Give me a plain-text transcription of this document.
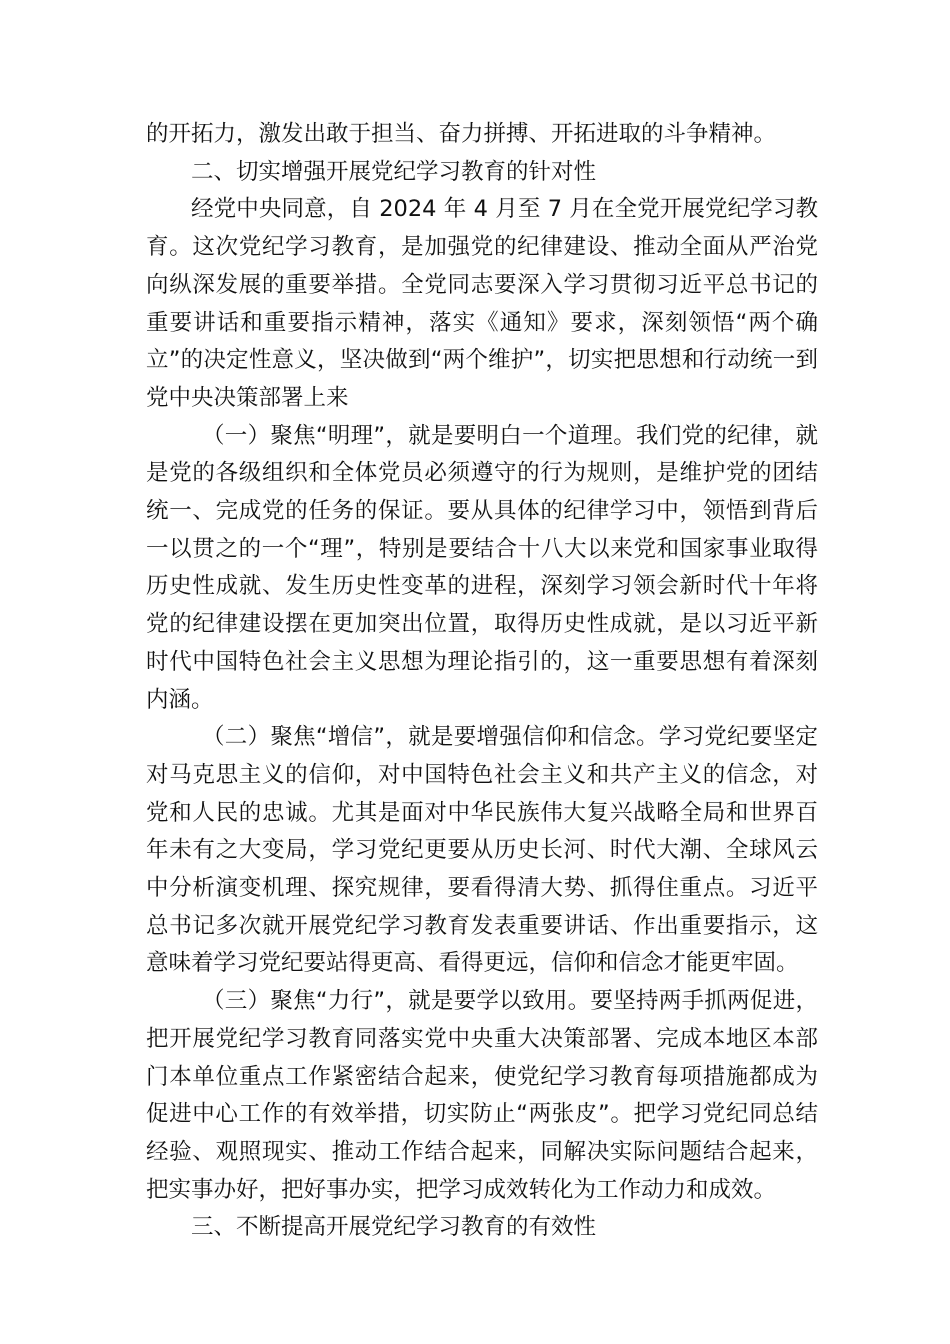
的开拓力，激发出敢于担当、奋力拼搏、开拓进取的斗争精神。

二、切实增强开展党纪学习教育的针对性

经党中央同意，自 2024 年 4 月至 7 月在全党开展党纪学习教育。这次党纪学习教育，是加强党的纪律建设、推动全面从严治党向纵深发展的重要举措。全党同志要深入学习贯彻习近平总书记的重要讲话和重要指示精神，落实《通知》要求，深刻领悟“两个确立”的决定性意义，坚决做到“两个维护”，切实把思想和行动统一到党中央决策部署上来

（一）聚焦“明理”，就是要明白一个道理。我们党的纪律，就是党的各级组织和全体党员必须遵守的行为规则，是维护党的团结统一、完成党的任务的保证。要从具体的纪律学习中，领悟到背后一以贯之的一个“理”，特别是要结合十八大以来党和国家事业取得历史性成就、发生历史性变革的进程，深刻学习领会新时代十年将党的纪律建设摆在更加突出位置，取得历史性成就，是以习近平新时代中国特色社会主义思想为理论指引的，这一重要思想有着深刻内涵。

（二）聚焦“增信”，就是要增强信仰和信念。学习党纪要坚定对马克思主义的信仰，对中国特色社会主义和共产主义的信念，对党和人民的忠诚。尤其是面对中华民族伟大复兴战略全局和世界百年未有之大变局，学习党纪更要从历史长河、时代大潮、全球风云中分析演变机理、探究规律，要看得清大势、抓得住重点。习近平总书记多次就开展党纪学习教育发表重要讲话、作出重要指示，这意味着学习党纪要站得更高、看得更远，信仰和信念才能更牢固。

（三）聚焦“力行”，就是要学以致用。要坚持两手抓两促进，把开展党纪学习教育同落实党中央重大决策部署、完成本地区本部门本单位重点工作紧密结合起来，使党纪学习教育每项措施都成为促进中心工作的有效举措，切实防止“两张皮”。把学习党纪同总结经验、观照现实、推动工作结合起来，同解决实际问题结合起来，把实事办好，把好事办实，把学习成效转化为工作动力和成效。

三、不断提高开展党纪学习教育的有效性
